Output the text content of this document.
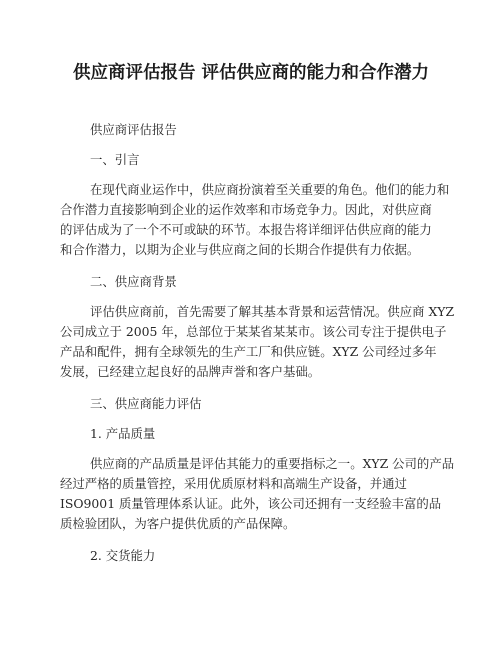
供应商评估报告 评估供应商的能力和合作潜力

供应商评估报告

一、引言

在现代商业运作中，供应商扮演着至关重要的角色。他们的能力和

合作潜力直接影响到企业的运作效率和市场竞争力。因此，对供应商

的评估成为了一个不可或缺的环节。本报告将详细评估供应商的能力

和合作潜力，以期为企业与供应商之间的长期合作提供有力依据。

二、供应商背景

评估供应商前，首先需要了解其基本背景和运营情况。供应商 XYZ

公司成立于 2005 年，总部位于某某省某某市。该公司专注于提供电子

产品和配件，拥有全球领先的生产工厂和供应链。XYZ 公司经过多年

发展，已经建立起良好的品牌声誉和客户基础。

三、供应商能力评估

1. 产品质量

供应商的产品质量是评估其能力的重要指标之一。XYZ 公司的产品

经过严格的质量管控，采用优质原材料和高端生产设备，并通过

ISO9001 质量管理体系认证。此外，该公司还拥有一支经验丰富的品

质检验团队，为客户提供优质的产品保障。

2. 交货能力
